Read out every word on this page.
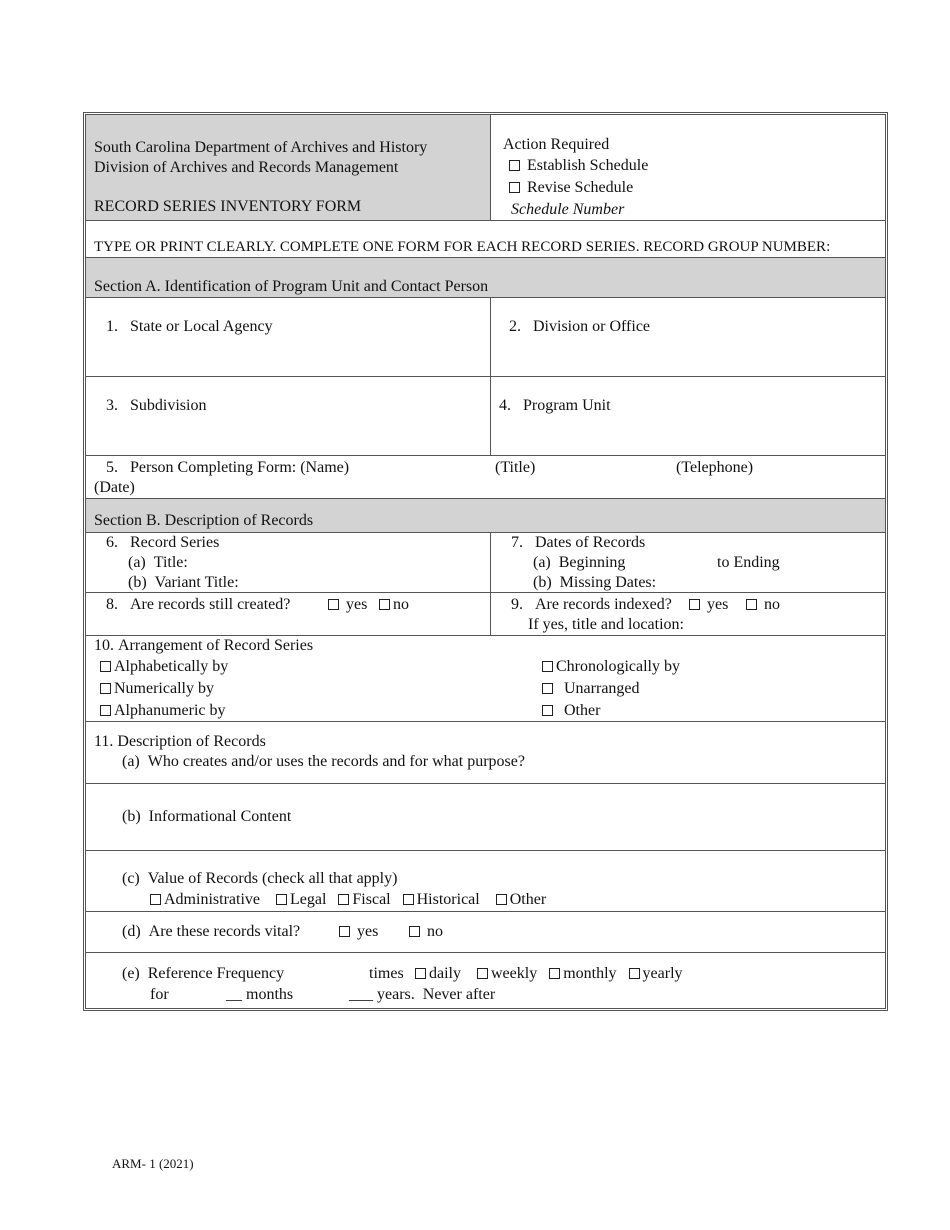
South Carolina Department of Archives and History
Division of Archives and Records Management
RECORD SERIES INVENTORY FORM
Action Required
Establish Schedule
Revise Schedule
Schedule Number
TYPE OR PRINT CLEARLY. COMPLETE ONE FORM FOR EACH RECORD SERIES. RECORD GROUP NUMBER:
Section A. Identification of Program Unit and Contact Person
1.   State or Local Agency	2.   Division or Office
3.   Subdivision	4.   Program Unit
5.   Person Completing Form: (Name)	(Title)	(Telephone)
(Date)
Section B. Description of Records
6.   Record Series
(a)  Title:
(b)  Variant Title:
7.   Dates of Records
(a)  Beginning	to Ending
(b)  Missing Dates:
8.   Are records still created?	yes	no	9.   Are records indexed?	yes	no
If yes, title and location:
10. Arrangement of Record Series
Alphabetically by
Numerically by
Alphanumeric by
Chronologically by
Unarranged
Other
11. Description of Records
(a)  Who creates and/or uses the records and for what purpose?
(b)  Informational Content
(c)  Value of Records (check all that apply)
Administrative Legal Fiscal Historical Other
(d)  Are these records vital?	yes	no
(e)  Reference Frequency	times	daily weekly monthly yearly
for	__ months	___ years.  Never after
ARM- 1 (2021)
